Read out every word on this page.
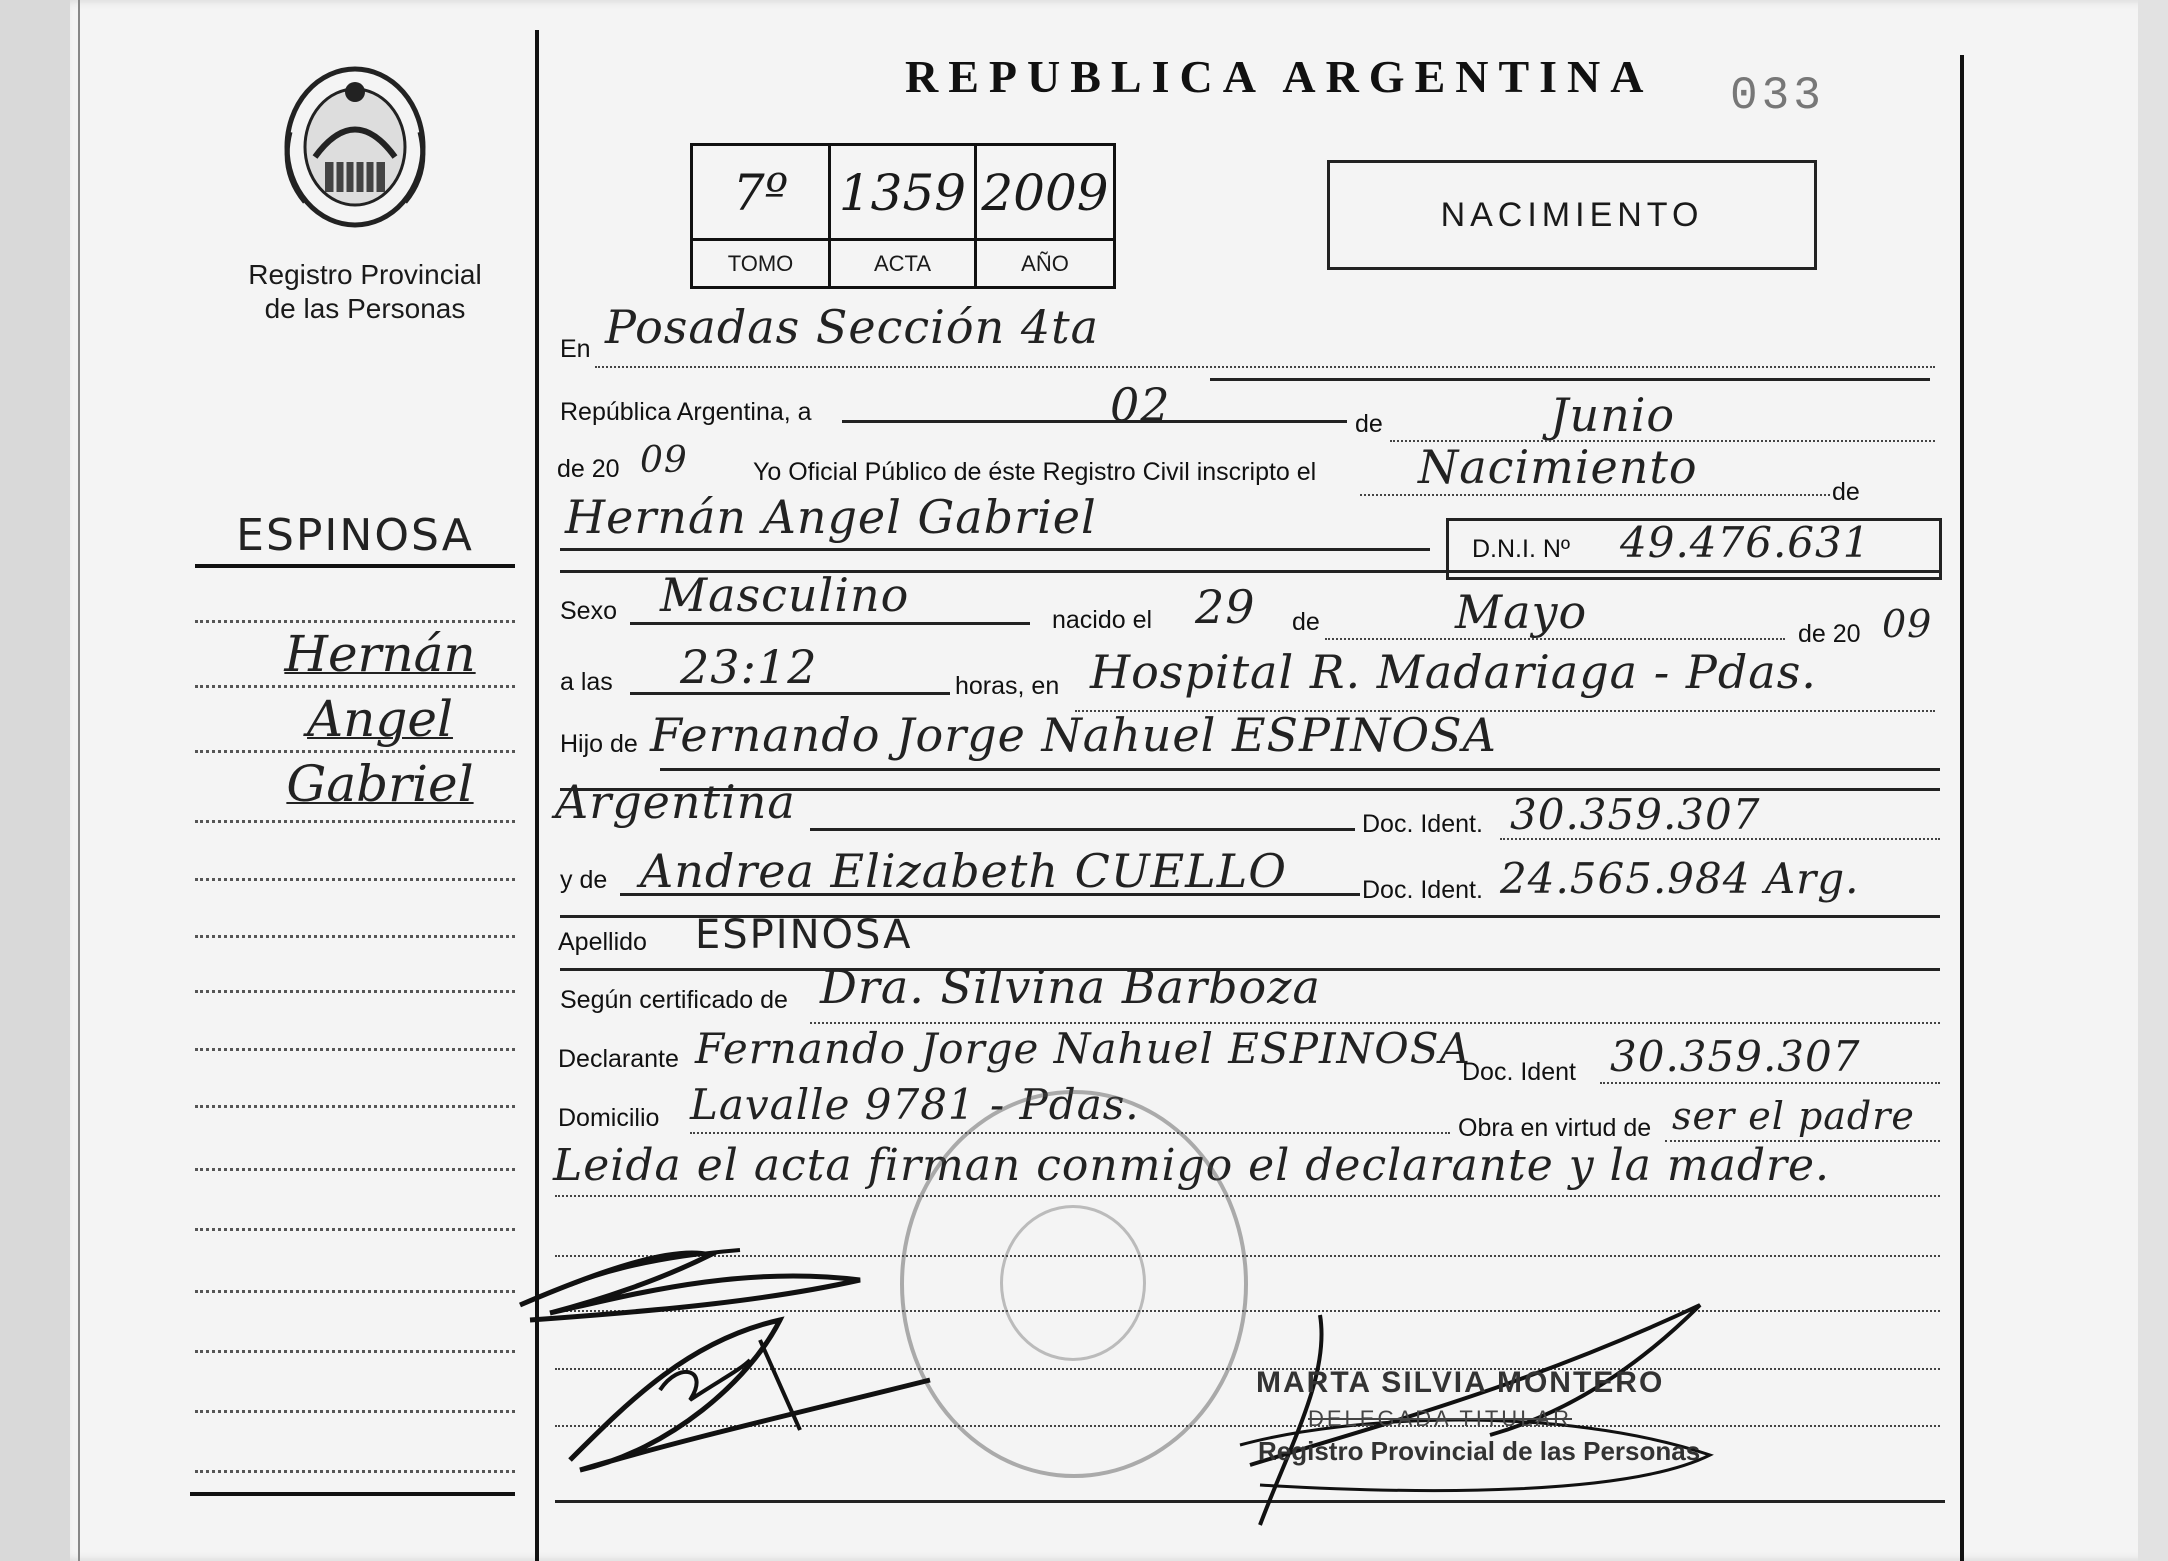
REPUBLICA ARGENTINA	033
7º	1359 2009
TOMO	ACTA	AÑO
NACIMIENTO
Registro Provincial
de las Personas
ESPINOSA
Hernán
Angel
Gabriel
En Posadas Sección 4ta
República Argentina, a	02	de	Junio
de 20 09	Yo Oficial Público de éste Registro Civil inscripto el Nacimiento	de
Hernán Angel Gabriel
D.N.I. Nº 49.476.631
Sexo Masculino	nacido el 29 de	Mayo	de 20 09
a las 23:12	horas, en Hospital R. Madariaga - Pdas.
Hijo de Fernando Jorge Nahuel ESPINOSA
Argentina	Doc. Ident. 30.359.307
y de Andrea Elizabeth CUELLO	Doc. Ident. 24.565.984 Arg.
Apellido ESPINOSA
Según certificado de Dra. Silvina Barboza
Declarante Fernando Jorge Nahuel ESPINOSA
Doc. Ident 30.359.307
Domicilio Lavalle 9781 - Pdas.	Obra en virtud de ser el padre
Leida el acta firman conmigo el declarante y la madre.
MARTA SILVIA MONTERO
DELEGADA TITULAR
Registro Provincial de las Personas
